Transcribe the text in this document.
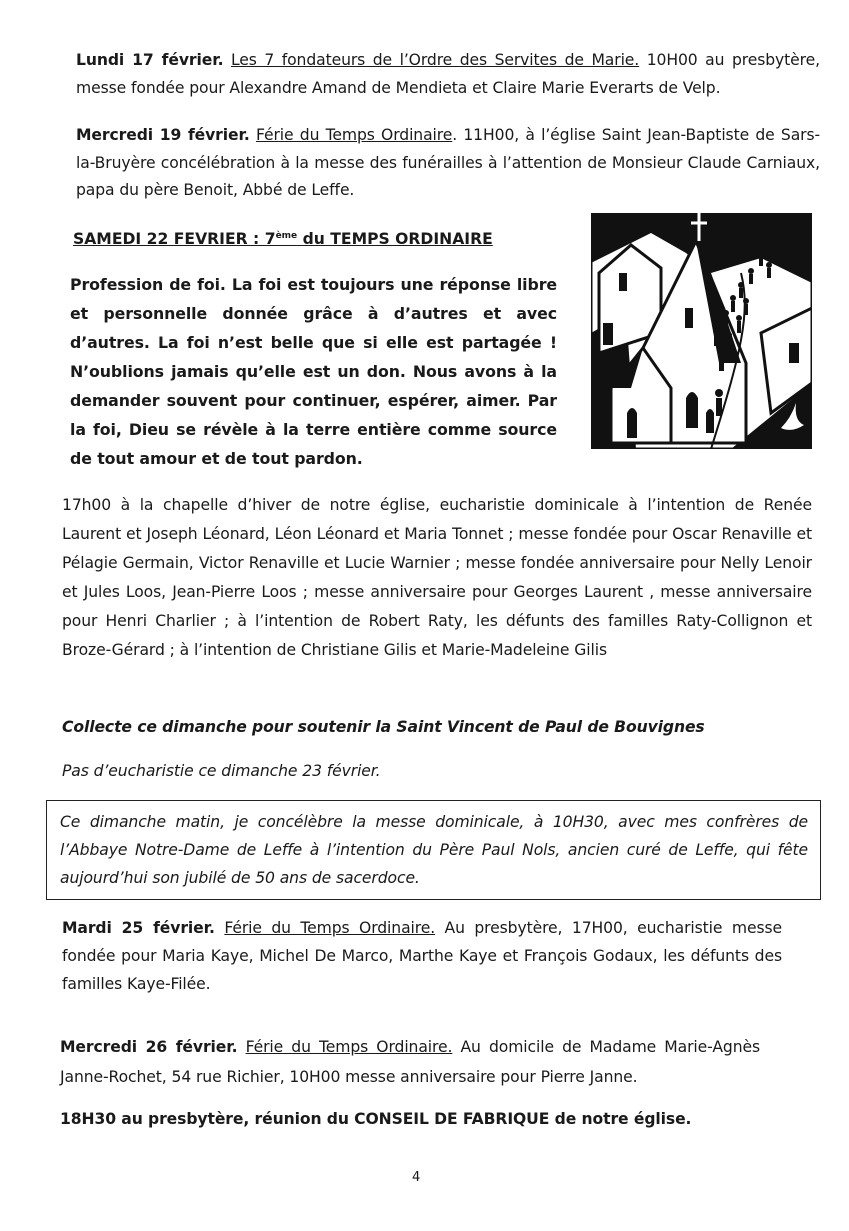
Lundi 17 février. Les 7 fondateurs de l’Ordre des Servites de Marie. 10H00 au presbytère, messe fondée pour Alexandre Amand de Mendieta et Claire Marie Everarts de Velp.

Mercredi 19 février. Férie du Temps Ordinaire. 11H00, à l’église Saint Jean-Baptiste de Sars-la-Bruyère concélébration à la messe des funérailles à l’attention de Monsieur Claude Carniaux, papa du père Benoit, Abbé de Leffe.

SAMEDI 22 FEVRIER : 7ème du TEMPS ORDINAIRE

Profession de foi. La foi est toujours une réponse libre et personnelle donnée grâce à d’autres et avec d’autres. La foi n’est belle que si elle est partagée ! N’oublions jamais qu’elle est un don. Nous avons à la demander souvent pour continuer, espérer, aimer. Par la foi, Dieu se révèle à la terre entière comme source de tout amour et de tout pardon.

17h00 à la chapelle d’hiver de notre église, eucharistie dominicale à l’intention de Renée Laurent et Joseph Léonard, Léon Léonard et Maria Tonnet ; messe fondée pour Oscar Renaville et Pélagie Germain, Victor Renaville et Lucie Warnier ; messe fondée anniversaire pour Nelly Lenoir et Jules Loos, Jean-Pierre Loos ; messe anniversaire pour Georges Laurent , messe anniversaire pour Henri Charlier ; à l’intention de Robert Raty, les défunts des familles Raty-Collignon et Broze-Gérard ; à l’intention de Christiane Gilis et Marie-Madeleine Gilis

Collecte ce dimanche pour soutenir la Saint Vincent de Paul de Bouvignes

Pas d’eucharistie ce dimanche 23 février.

Ce dimanche matin, je concélèbre la messe dominicale, à 10H30, avec mes confrères de l’Abbaye Notre-Dame de Leffe à l’intention du Père Paul Nols, ancien curé de Leffe, qui fête aujourd’hui son jubilé de 50 ans de sacerdoce.

Mardi 25 février. Férie du Temps Ordinaire. Au presbytère, 17H00, eucharistie messe fondée pour Maria Kaye, Michel De Marco, Marthe Kaye et François Godaux, les défunts des familles Kaye-Filée.

Mercredi 26 février. Férie du Temps Ordinaire. Au domicile de Madame Marie-Agnès Janne-Rochet, 54 rue Richier, 10H00 messe anniversaire pour Pierre Janne.

18H30 au presbytère, réunion du CONSEIL DE FABRIQUE de notre église.

4
